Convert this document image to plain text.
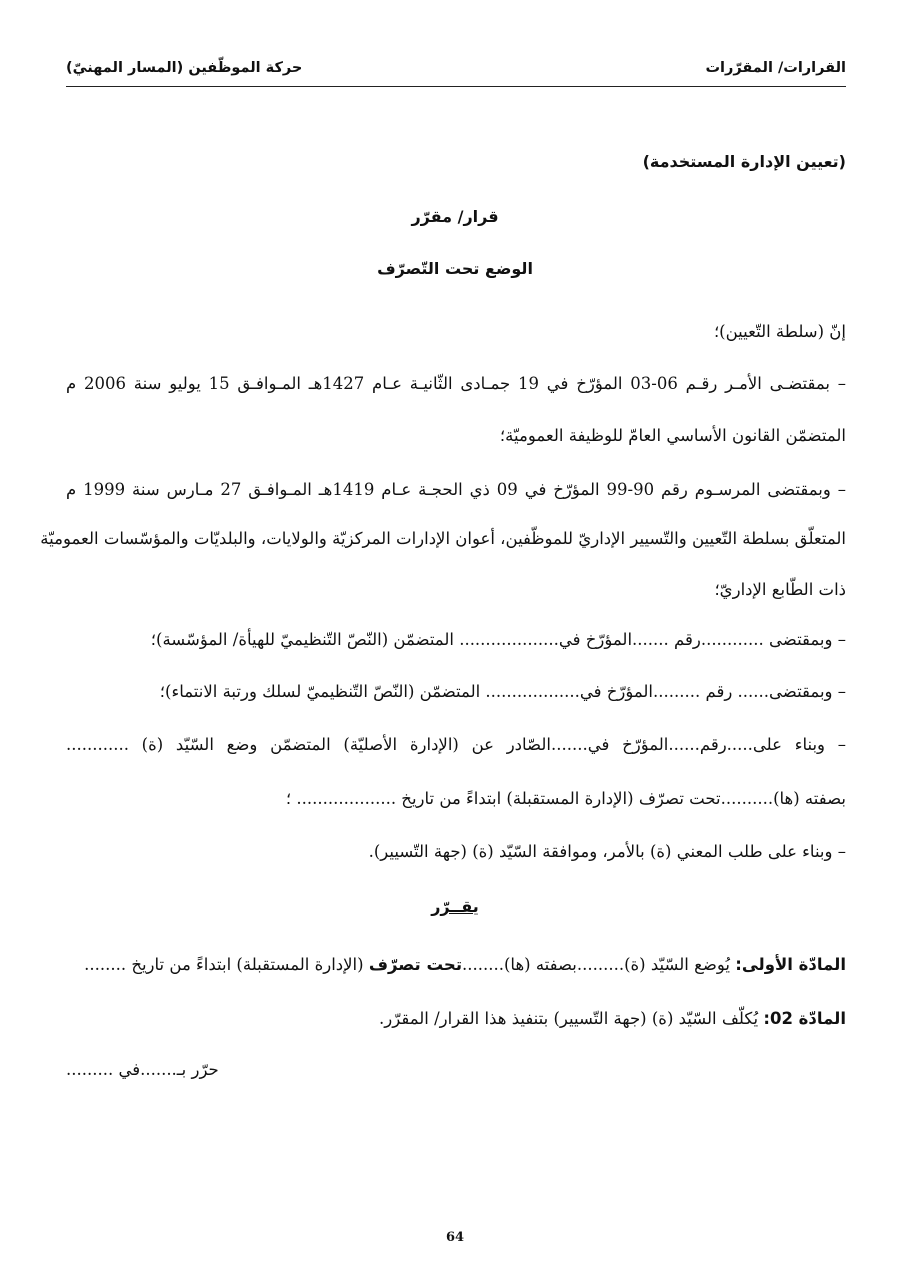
القرارات/ المقرّرات
حركة الموظّفين (المسار المهنيّ)
(تعيين الإدارة المستخدمة)
قرار/ مقرّر
الوضع تحت التّصرّف
إنّ (سلطة التّعيين)؛
– بمقتضـى الأمـر رقـم 06-03 المؤرّخ في 19 جمـادى الثّانيـة عـام 1427هـ المـوافـق 15 يوليو سنة 2006 م
المتضمّن القانون الأساسي العامّ للوظيفة العموميّة؛
– وبمقتضى المرسـوم رقم 90-99 المؤرّخ في 09 ذي الحجـة عـام 1419هـ المـوافـق 27 مـارس سنة 1999 م
المتعلّق بسلطة التّعيين والتّسيير الإداريّ للموظّفين، أعوان الإدارات المركزيّة والولايات، والبلديّات والمؤسّسات العموميّة
ذات الطّابع الإداريّ؛
– وبمقتضى ............رقم .......المؤرّخ في................... المتضمّن (النّصّ التّنظيميّ للهيأة/ المؤسّسة)؛
– وبمقتضى...... رقم .........المؤرّخ في.................. المتضمّن (النّصّ التّنظيميّ لسلك ورتبة الانتماء)؛
– وبناء على.....رقم......المؤرّخ في.......الصّادر عن (الإدارة الأصليّة) المتضمّن وضع السّيّد (ة) ............
بصفته (ها)..........تحت تصرّف (الإدارة المستقبلة) ابتداءً من تاريخ ................... ؛
– وبناء على طلب المعني (ة) بالأمر، وموافقة السّيّد (ة) (جهة التّسيير).
يقــرّر
المادّة الأولى: يُوضع السّيّد (ة).........بصفته (ها)........تحت تصرّف (الإدارة المستقبلة) ابتداءً من تاريخ ........
المادّة 02: يُكلّف السّيّد (ة) (جهة التّسيير) بتنفيذ هذا القرار/ المقرّر.
حرّر بـ.......في .........
64
